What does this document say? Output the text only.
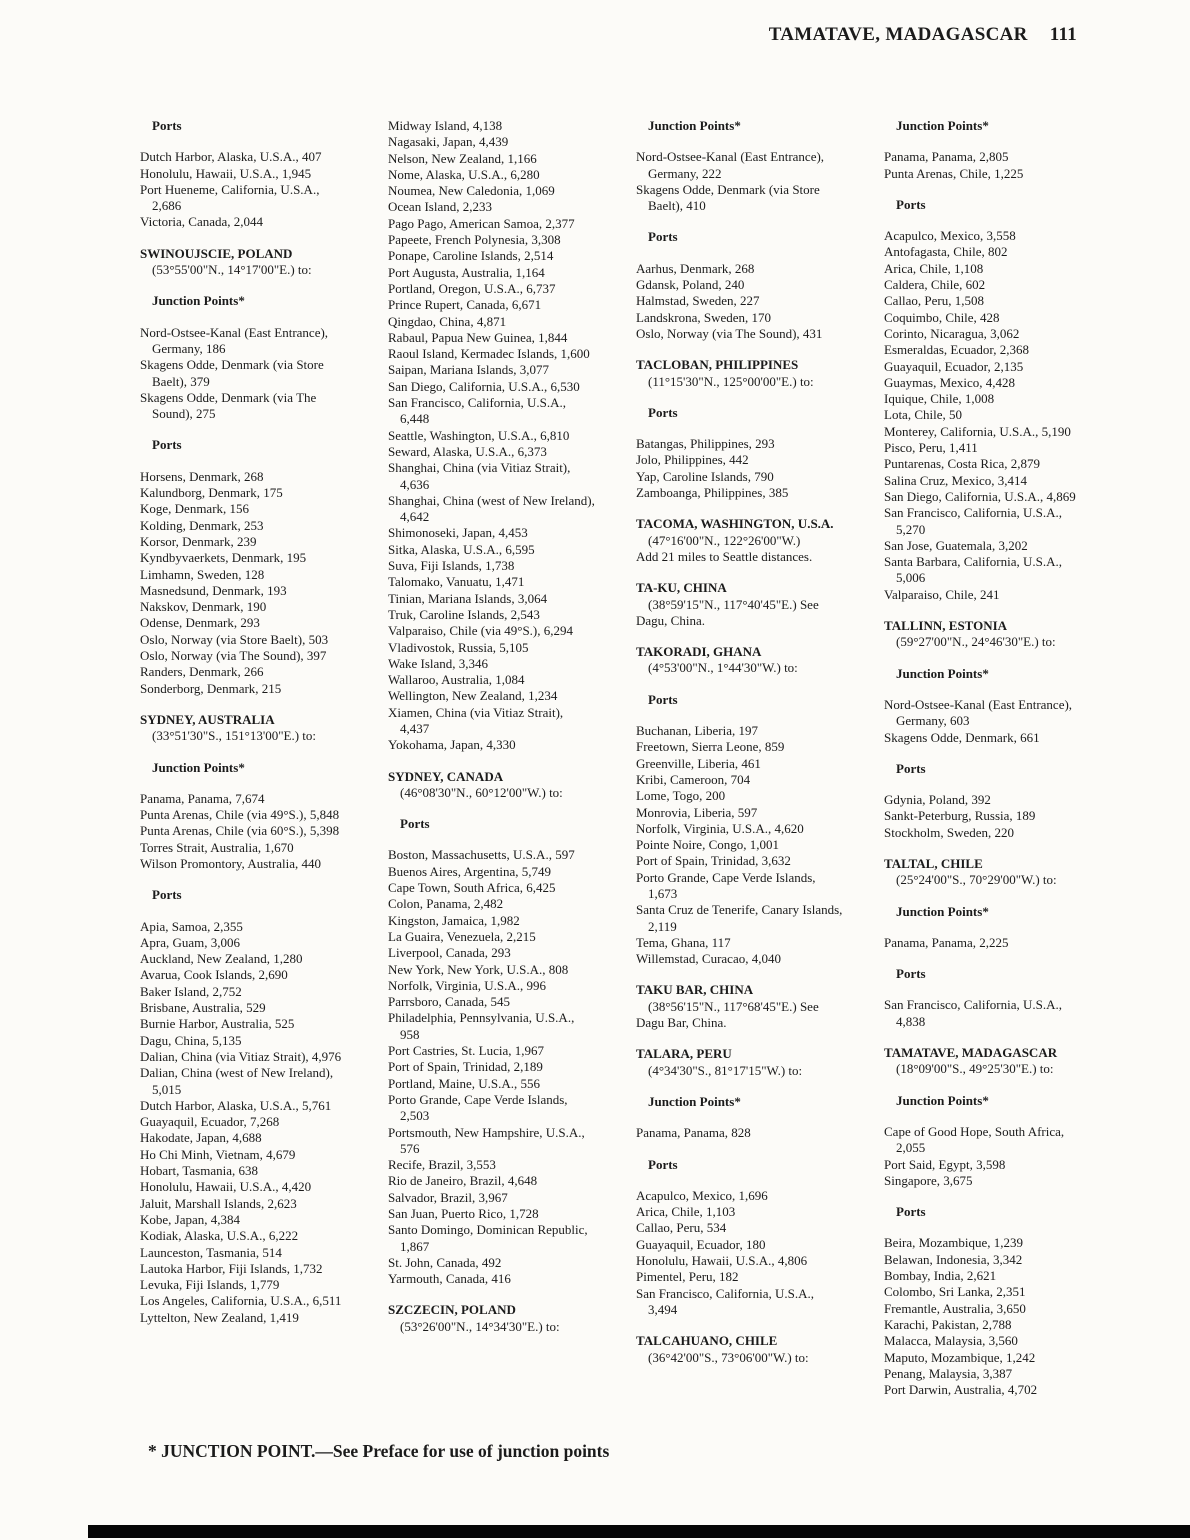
TAMATAVE, MADAGASCAR 111
Ports
Dutch Harbor, Alaska, U.S.A., 407
Honolulu, Hawaii, U.S.A., 1,945
Port Hueneme, California, U.S.A., 2,686
Victoria, Canada, 2,044
SWINOUJSCIE, POLAND
(53°55'00"N., 14°17'00"E.) to:
Junction Points*
Nord-Ostsee-Kanal (East Entrance), Germany, 186
Skagens Odde, Denmark (via Store Baelt), 379
Skagens Odde, Denmark (via The Sound), 275
Ports
Horsens, Denmark, 268
Kalundborg, Denmark, 175
Koge, Denmark, 156
Kolding, Denmark, 253
Korsor, Denmark, 239
Kyndbyvaerkets, Denmark, 195
Limhamn, Sweden, 128
Masnedsund, Denmark, 193
Nakskov, Denmark, 190
Odense, Denmark, 293
Oslo, Norway (via Store Baelt), 503
Oslo, Norway (via The Sound), 397
Randers, Denmark, 266
Sonderborg, Denmark, 215
SYDNEY, AUSTRALIA
(33°51'30"S., 151°13'00"E.) to:
Junction Points*
Panama, Panama, 7,674
Punta Arenas, Chile (via 49°S.), 5,848
Punta Arenas, Chile (via 60°S.), 5,398
Torres Strait, Australia, 1,670
Wilson Promontory, Australia, 440
Ports
Apia, Samoa, 2,355
Apra, Guam, 3,006
Auckland, New Zealand, 1,280
Avarua, Cook Islands, 2,690
Baker Island, 2,752
Brisbane, Australia, 529
Burnie Harbor, Australia, 525
Dagu, China, 5,135
Dalian, China (via Vitiaz Strait), 4,976
Dalian, China (west of New Ireland), 5,015
Dutch Harbor, Alaska, U.S.A., 5,761
Guayaquil, Ecuador, 7,268
Hakodate, Japan, 4,688
Ho Chi Minh, Vietnam, 4,679
Hobart, Tasmania, 638
Honolulu, Hawaii, U.S.A., 4,420
Jaluit, Marshall Islands, 2,623
Kobe, Japan, 4,384
Kodiak, Alaska, U.S.A., 6,222
Launceston, Tasmania, 514
Lautoka Harbor, Fiji Islands, 1,732
Levuka, Fiji Islands, 1,779
Los Angeles, California, U.S.A., 6,511
Lyttelton, New Zealand, 1,419
Midway Island, 4,138
Nagasaki, Japan, 4,439
Nelson, New Zealand, 1,166
Nome, Alaska, U.S.A., 6,280
Noumea, New Caledonia, 1,069
Ocean Island, 2,233
Pago Pago, American Samoa, 2,377
Papeete, French Polynesia, 3,308
Ponape, Caroline Islands, 2,514
Port Augusta, Australia, 1,164
Portland, Oregon, U.S.A., 6,737
Prince Rupert, Canada, 6,671
Qingdao, China, 4,871
Rabaul, Papua New Guinea, 1,844
Raoul Island, Kermadec Islands, 1,600
Saipan, Mariana Islands, 3,077
San Diego, California, U.S.A., 6,530
San Francisco, California, U.S.A., 6,448
Seattle, Washington, U.S.A., 6,810
Seward, Alaska, U.S.A., 6,373
Shanghai, China (via Vitiaz Strait), 4,636
Shanghai, China (west of New Ireland), 4,642
Shimonoseki, Japan, 4,453
Sitka, Alaska, U.S.A., 6,595
Suva, Fiji Islands, 1,738
Talomako, Vanuatu, 1,471
Tinian, Mariana Islands, 3,064
Truk, Caroline Islands, 2,543
Valparaiso, Chile (via 49°S.), 6,294
Vladivostok, Russia, 5,105
Wake Island, 3,346
Wallaroo, Australia, 1,084
Wellington, New Zealand, 1,234
Xiamen, China (via Vitiaz Strait), 4,437
Yokohama, Japan, 4,330
SYDNEY, CANADA
(46°08'30"N., 60°12'00"W.) to:
Ports
Boston, Massachusetts, U.S.A., 597
Buenos Aires, Argentina, 5,749
Cape Town, South Africa, 6,425
Colon, Panama, 2,482
Kingston, Jamaica, 1,982
La Guaira, Venezuela, 2,215
Liverpool, Canada, 293
New York, New York, U.S.A., 808
Norfolk, Virginia, U.S.A., 996
Parrsboro, Canada, 545
Philadelphia, Pennsylvania, U.S.A., 958
Port Castries, St. Lucia, 1,967
Port of Spain, Trinidad, 2,189
Portland, Maine, U.S.A., 556
Porto Grande, Cape Verde Islands, 2,503
Portsmouth, New Hampshire, U.S.A., 576
Recife, Brazil, 3,553
Rio de Janeiro, Brazil, 4,648
Salvador, Brazil, 3,967
San Juan, Puerto Rico, 1,728
Santo Domingo, Dominican Republic, 1,867
St. John, Canada, 492
Yarmouth, Canada, 416
SZCZECIN, POLAND
(53°26'00"N., 14°34'30"E.) to:
Junction Points*
Nord-Ostsee-Kanal (East Entrance), Germany, 222
Skagens Odde, Denmark (via Store Baelt), 410
Ports
Aarhus, Denmark, 268
Gdansk, Poland, 240
Halmstad, Sweden, 227
Landskrona, Sweden, 170
Oslo, Norway (via The Sound), 431
TACLOBAN, PHILIPPINES
(11°15'30"N., 125°00'00"E.) to:
Ports
Batangas, Philippines, 293
Jolo, Philippines, 442
Yap, Caroline Islands, 790
Zamboanga, Philippines, 385
TACOMA, WASHINGTON, U.S.A.
(47°16'00"N., 122°26'00"W.)
Add 21 miles to Seattle distances.
TA-KU, CHINA
(38°59'15"N., 117°40'45"E.) See Dagu, China.
TAKORADI, GHANA
(4°53'00"N., 1°44'30"W.) to:
Ports
Buchanan, Liberia, 197
Freetown, Sierra Leone, 859
Greenville, Liberia, 461
Kribi, Cameroon, 704
Lome, Togo, 200
Monrovia, Liberia, 597
Norfolk, Virginia, U.S.A., 4,620
Pointe Noire, Congo, 1,001
Port of Spain, Trinidad, 3,632
Porto Grande, Cape Verde Islands, 1,673
Santa Cruz de Tenerife, Canary Islands, 2,119
Tema, Ghana, 117
Willemstad, Curacao, 4,040
TAKU BAR, CHINA
(38°56'15"N., 117°68'45"E.) See Dagu Bar, China.
TALARA, PERU
(4°34'30"S., 81°17'15"W.) to:
Junction Points*
Panama, Panama, 828
Ports
Acapulco, Mexico, 1,696
Arica, Chile, 1,103
Callao, Peru, 534
Guayaquil, Ecuador, 180
Honolulu, Hawaii, U.S.A., 4,806
Pimentel, Peru, 182
San Francisco, California, U.S.A., 3,494
TALCAHUANO, CHILE
(36°42'00"S., 73°06'00"W.) to:
Junction Points*
Panama, Panama, 2,805
Punta Arenas, Chile, 1,225
Ports
Acapulco, Mexico, 3,558
Antofagasta, Chile, 802
Arica, Chile, 1,108
Caldera, Chile, 602
Callao, Peru, 1,508
Coquimbo, Chile, 428
Corinto, Nicaragua, 3,062
Esmeraldas, Ecuador, 2,368
Guayaquil, Ecuador, 2,135
Guaymas, Mexico, 4,428
Iquique, Chile, 1,008
Lota, Chile, 50
Monterey, California, U.S.A., 5,190
Pisco, Peru, 1,411
Puntarenas, Costa Rica, 2,879
Salina Cruz, Mexico, 3,414
San Diego, California, U.S.A., 4,869
San Francisco, California, U.S.A., 5,270
San Jose, Guatemala, 3,202
Santa Barbara, California, U.S.A., 5,006
Valparaiso, Chile, 241
TALLINN, ESTONIA
(59°27'00"N., 24°46'30"E.) to:
Junction Points*
Nord-Ostsee-Kanal (East Entrance), Germany, 603
Skagens Odde, Denmark, 661
Ports
Gdynia, Poland, 392
Sankt-Peterburg, Russia, 189
Stockholm, Sweden, 220
TALTAL, CHILE
(25°24'00"S., 70°29'00"W.) to:
Junction Points*
Panama, Panama, 2,225
Ports
San Francisco, California, U.S.A., 4,838
TAMATAVE, MADAGASCAR
(18°09'00"S., 49°25'30"E.) to:
Junction Points*
Cape of Good Hope, South Africa, 2,055
Port Said, Egypt, 3,598
Singapore, 3,675
Ports
Beira, Mozambique, 1,239
Belawan, Indonesia, 3,342
Bombay, India, 2,621
Colombo, Sri Lanka, 2,351
Fremantle, Australia, 3,650
Karachi, Pakistan, 2,788
Malacca, Malaysia, 3,560
Maputo, Mozambique, 1,242
Penang, Malaysia, 3,387
Port Darwin, Australia, 4,702
* JUNCTION POINT.—See Preface for use of junction points
